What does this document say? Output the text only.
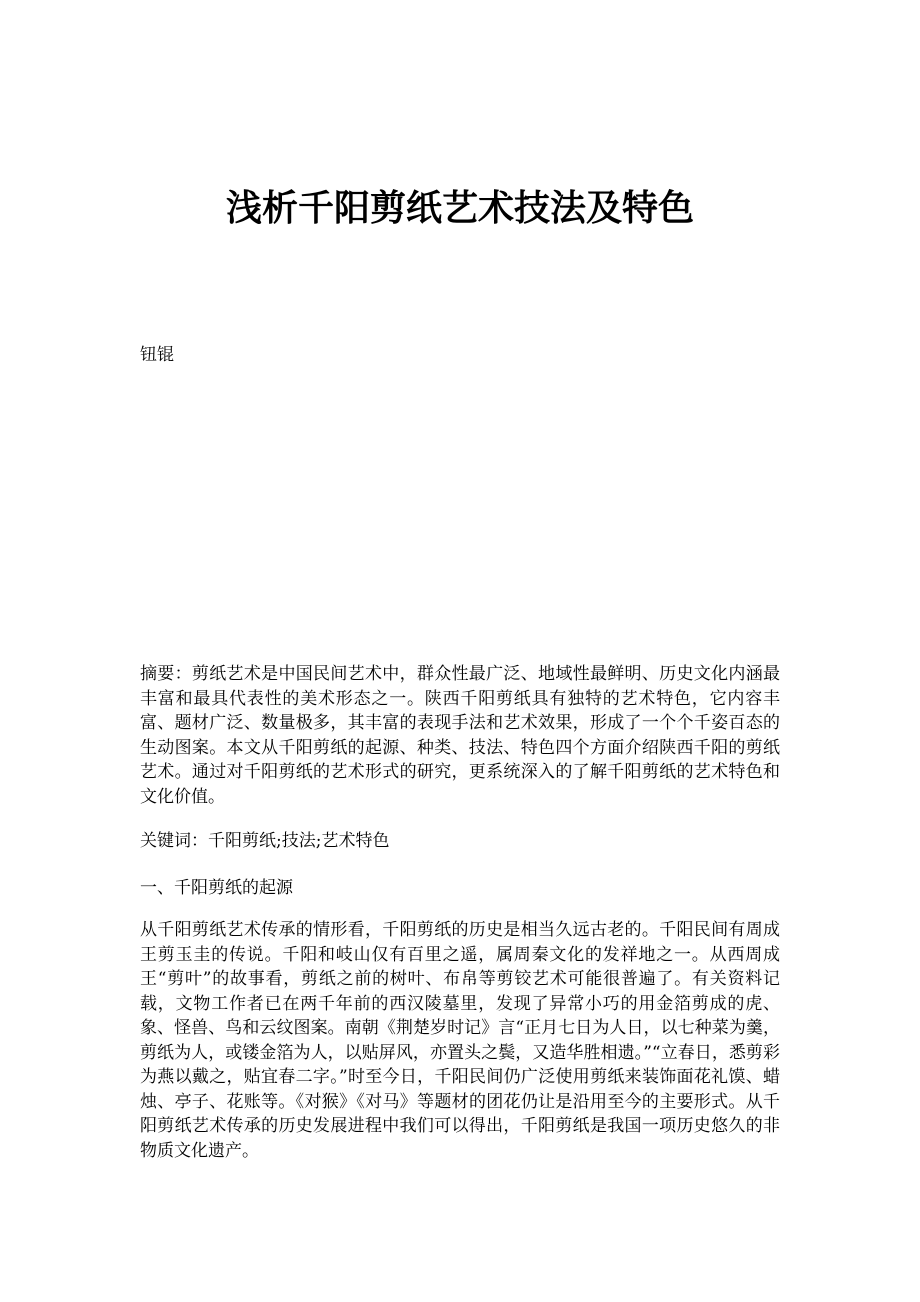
浅析千阳剪纸艺术技法及特色
钮锟

摘要：剪纸艺术是中国民间艺术中，群众性最广泛、地域性最鲜明、历史文化内涵最丰富和最具代表性的美术形态之一。陕西千阳剪纸具有独特的艺术特色，它内容丰富、题材广泛、数量极多，其丰富的表现手法和艺术效果，形成了一个个千姿百态的生动图案。本文从千阳剪纸的起源、种类、技法、特色四个方面介绍陕西千阳的剪纸艺术。通过对千阳剪纸的艺术形式的研究，更系统深入的了解千阳剪纸的艺术特色和文化价值。

关键词：千阳剪纸;技法;艺术特色

一、千阳剪纸的起源

从千阳剪纸艺术传承的情形看，千阳剪纸的历史是相当久远古老的。千阳民间有周成王剪玉圭的传说。千阳和岐山仅有百里之遥，属周秦文化的发祥地之一。从西周成王“剪叶”的故事看，剪纸之前的树叶、布帛等剪铰艺术可能很普遍了。有关资料记载，文物工作者已在两千年前的西汉陵墓里，发现了异常小巧的用金箔剪成的虎、象、怪兽、鸟和云纹图案。南朝《荆楚岁时记》言“正月七日为人日，以七种菜为羹，剪纸为人，或镂金箔为人，以贴屏风，亦置头之鬓，又造华胜相遗。”“立春日，悉剪彩为燕以戴之，贴宜春二字。”时至今日，千阳民间仍广泛使用剪纸来装饰面花礼馍、蜡烛、亭子、花账等。《对猴》《对马》等题材的团花仍让是沿用至今的主要形式。从千阳剪纸艺术传承的历史发展进程中我们可以得出，千阳剪纸是我国一项历史悠久的非物质文化遗产。
